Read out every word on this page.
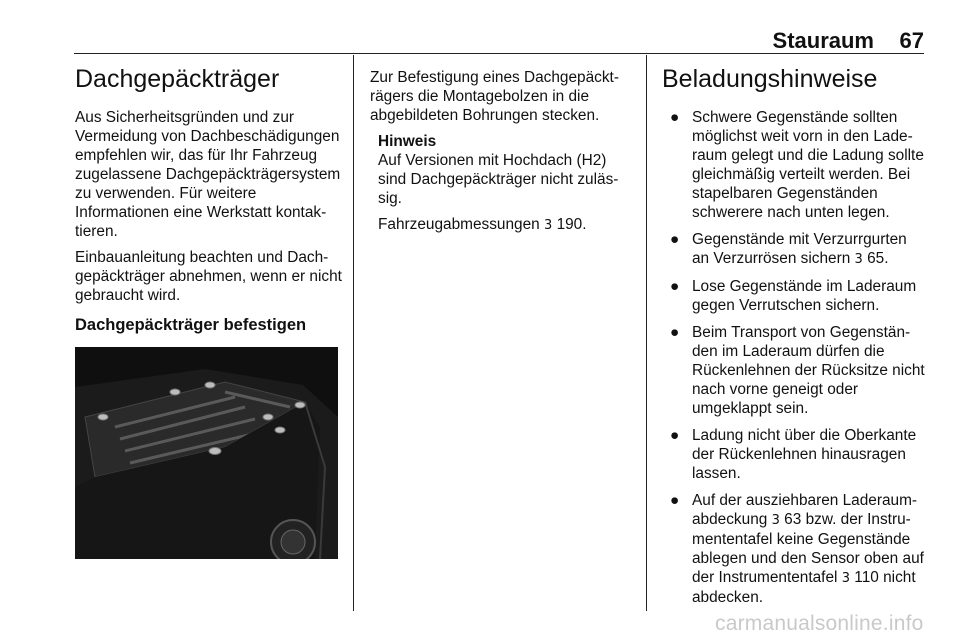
Stauraum 67
Dachgepäckträger

Aus Sicherheitsgründen und zur Vermeidung von Dachbeschädigungen empfehlen wir, das für Ihr Fahrzeug zugelassene Dachgepäckträgersystem zu verwenden. Für weitere Informationen eine Werkstatt kontaktieren.

Einbauanleitung beachten und Dachgepäckträger abnehmen, wenn er nicht gebraucht wird.

Dachgepäckträger befestigen

Zur Befestigung eines Dachgepäckträgers die Montagebolzen in die abgebildeten Bohrungen stecken.

Hinweis

Auf Versionen mit Hochdach (H2) sind Dachgepäckträger nicht zulässig.

Fahrzeugabmessungen 3 190.

Beladungshinweise
● Schwere Gegenstände sollten möglichst weit vorn in den Laderaum gelegt und die Ladung sollte gleichmäßig verteilt werden. Bei stapelbaren Gegenständen schwerere nach unten legen.
● Gegenstände mit Verzurrgurten an Verzurrösen sichern 3 65.
● Lose Gegenstände im Laderaum gegen Verrutschen sichern.
● Beim Transport von Gegenständen im Laderaum dürfen die Rückenlehnen der Rücksitze nicht nach vorne geneigt oder umgeklappt sein.
● Ladung nicht über die Oberkante der Rückenlehnen hinausragen lassen.
● Auf der ausziehbaren Laderaumabdeckung 3 63 bzw. der Instrumententafel keine Gegenstände ablegen und den Sensor oben auf der Instrumententafel 3 110 nicht abdecken.
carmanualsonline.info
